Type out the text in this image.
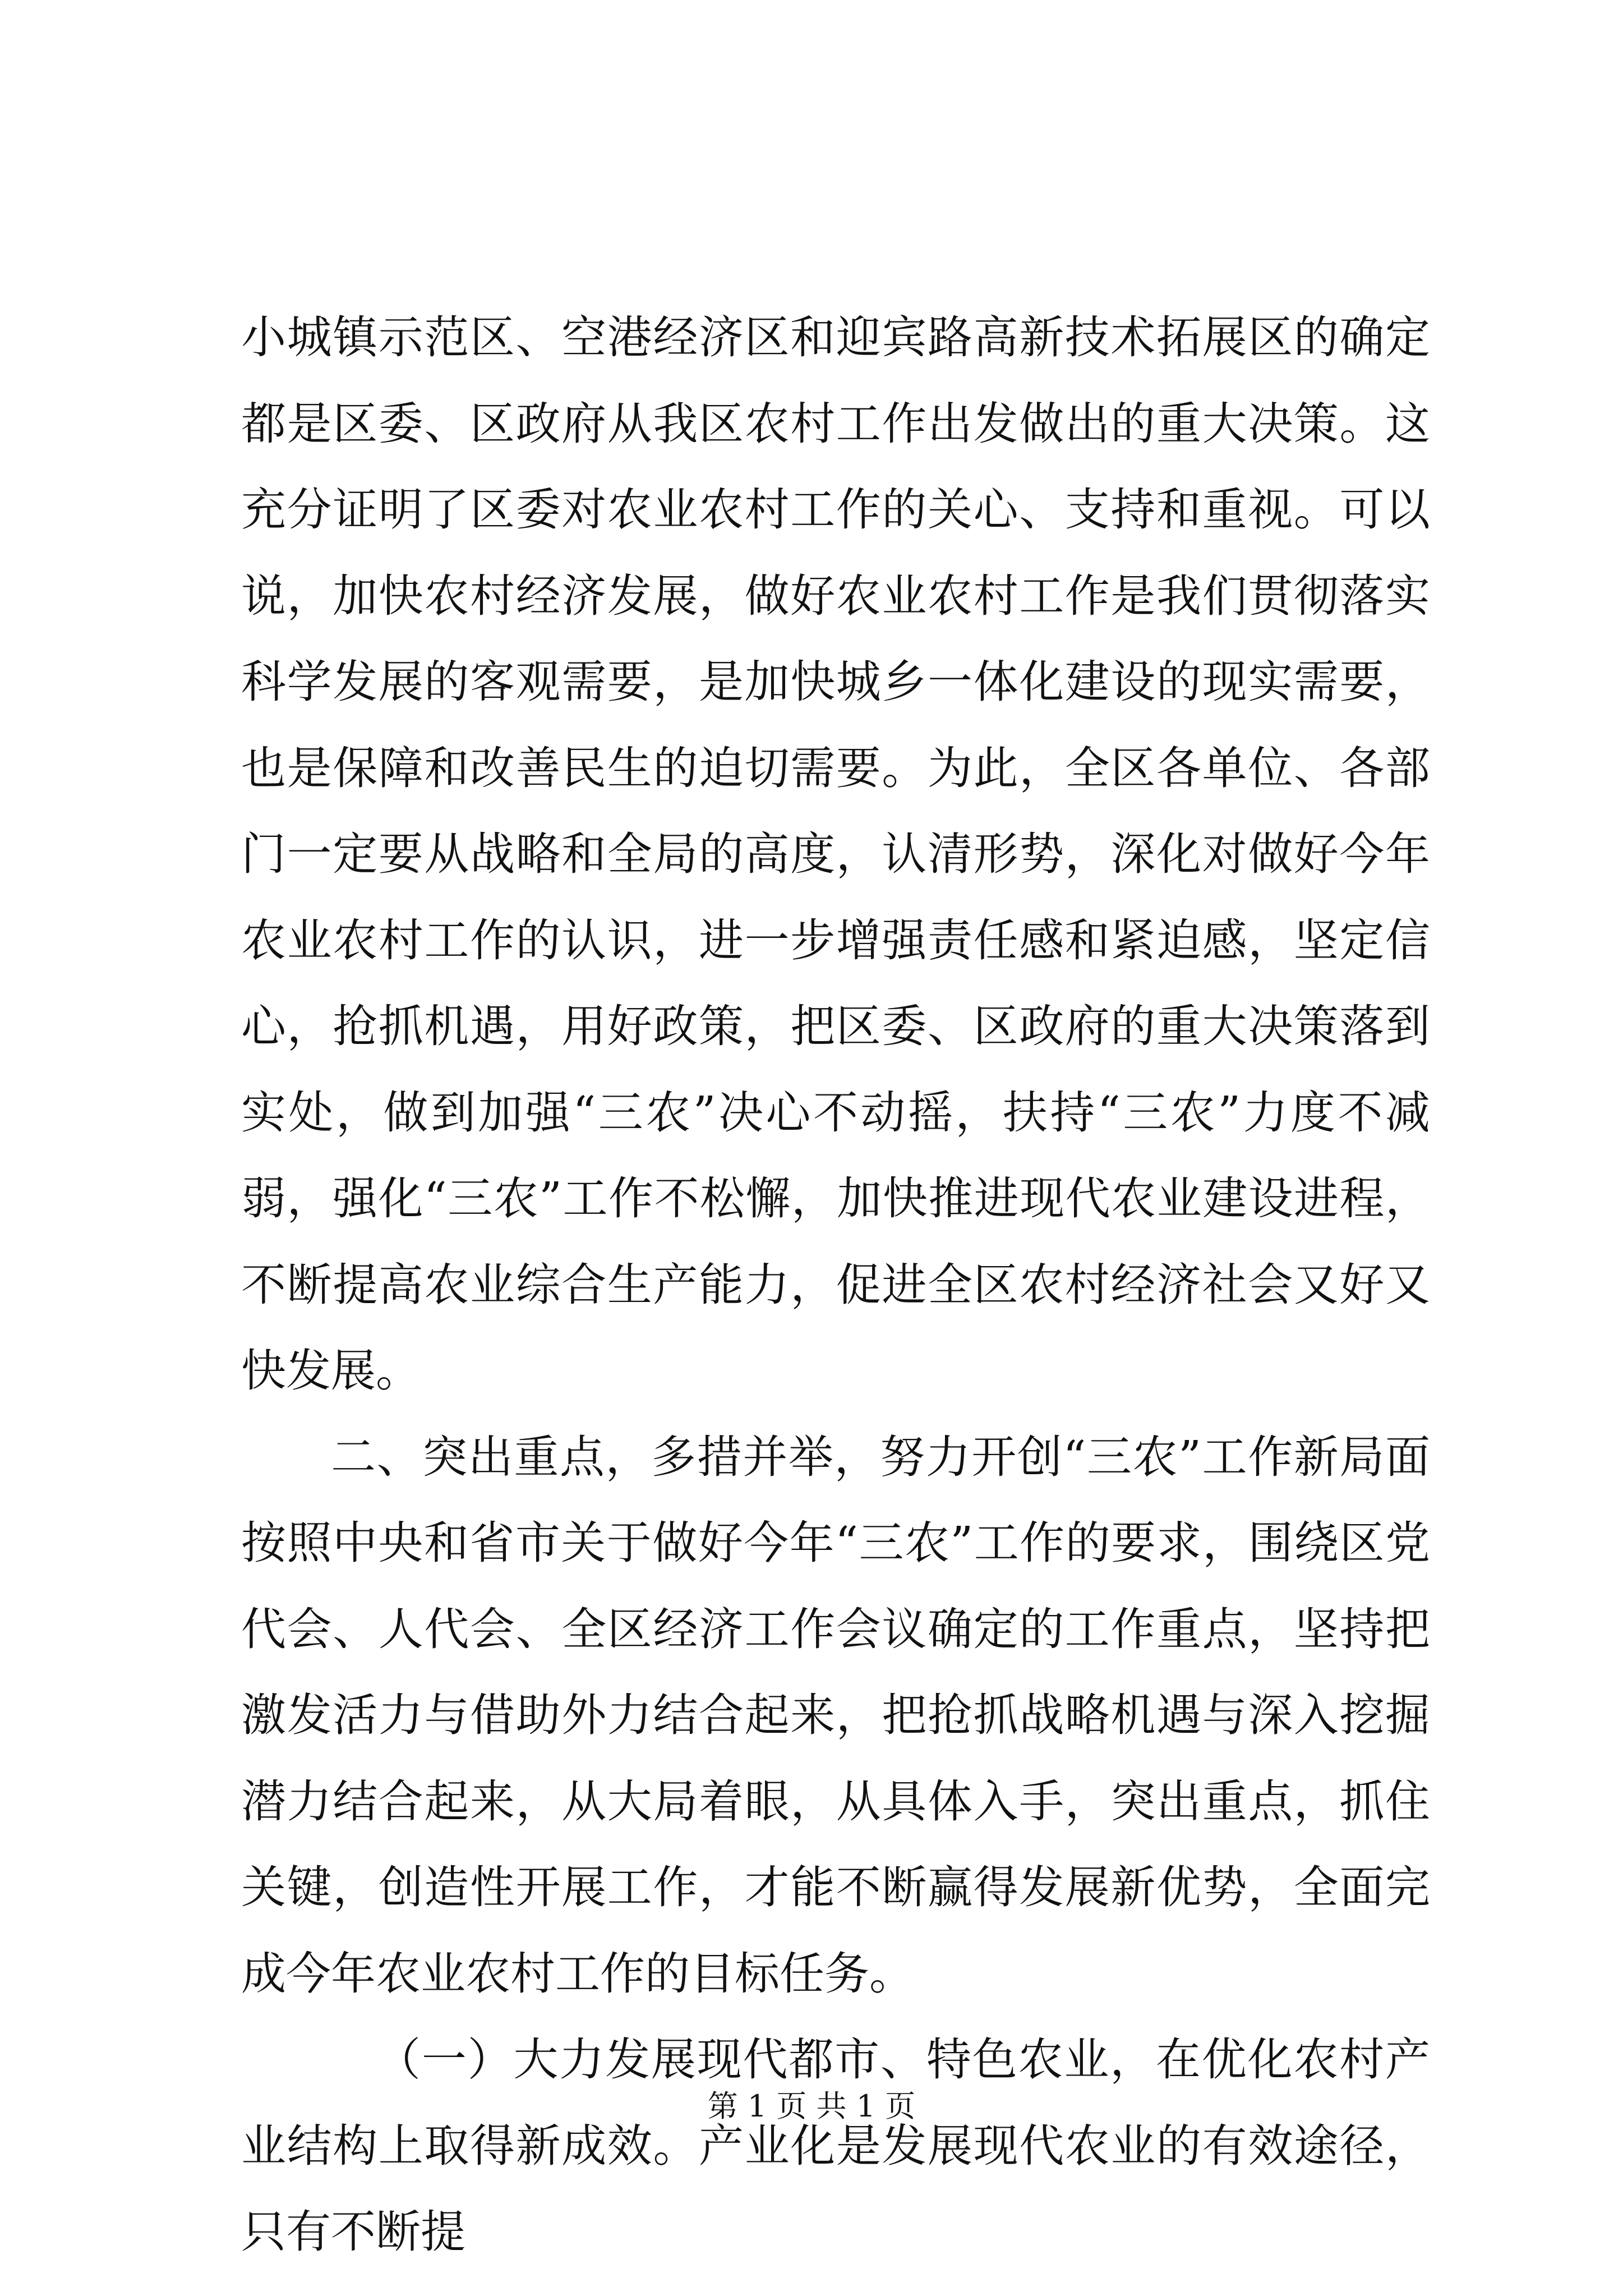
小城镇示范区、空港经济区和迎宾路高新技术拓展区的确定都是区委、区政府从我区农村工作出发做出的重大决策。这充分证明了区委对农业农村工作的关心、支持和重视。可以说，加快农村经济发展，做好农业农村工作是我们贯彻落实科学发展的客观需要，是加快城乡一体化建设的现实需要，也是保障和改善民生的迫切需要。为此，全区各单位、各部门一定要从战略和全局的高度，认清形势，深化对做好今年农业农村工作的认识，进一步增强责任感和紧迫感，坚定信心，抢抓机遇，用好政策，把区委、区政府的重大决策落到实处，做到加强“三农”决心不动摇，扶持“三农”力度不减弱，强化“三农”工作不松懈，加快推进现代农业建设进程，不断提高农业综合生产能力，促进全区农村经济社会又好又快发展。

二、突出重点，多措并举，努力开创“三农”工作新局面按照中央和省市关于做好今年“三农”工作的要求，围绕区党代会、人代会、全区经济工作会议确定的工作重点，坚持把激发活力与借助外力结合起来，把抢抓战略机遇与深入挖掘潜力结合起来，从大局着眼，从具体入手，突出重点，抓住关键，创造性开展工作，才能不断赢得发展新优势，全面完成今年农业农村工作的目标任务。

（一）大力发展现代都市、特色农业，在优化农村产业结构上取得新成效。产业化是发展现代农业的有效途径，只有不断提

第 1 页 共 1 页
